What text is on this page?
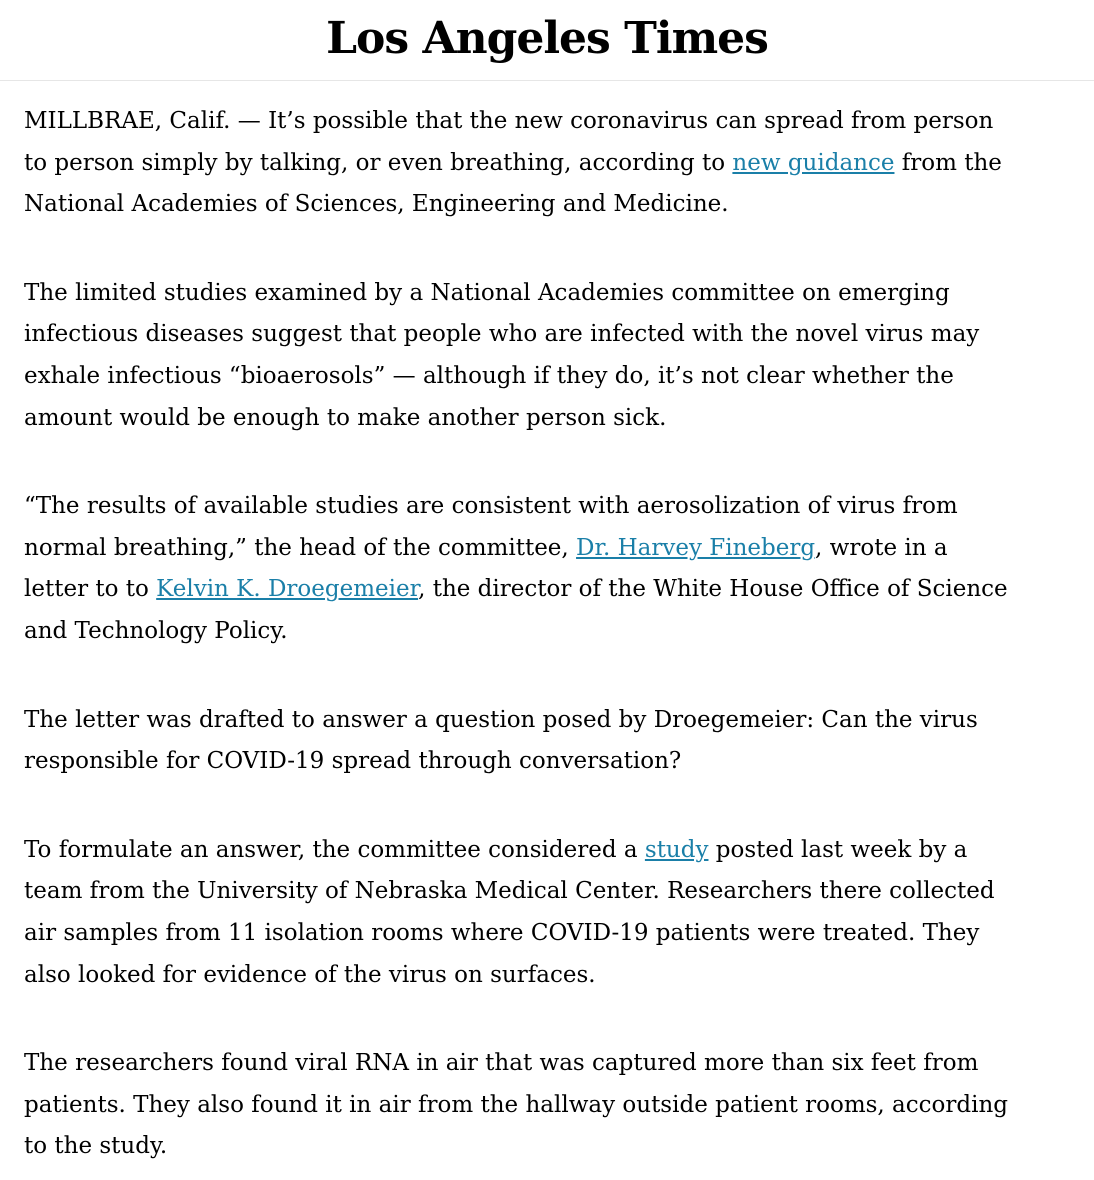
Los Angeles Times

MILLBRAE, Calif. — It’s possible that the new coronavirus can spread from person
to person simply by talking, or even breathing, according to new guidance from the
National Academies of Sciences, Engineering and Medicine.

The limited studies examined by a National Academies committee on emerging
infectious diseases suggest that people who are infected with the novel virus may
exhale infectious “bioaerosols” — although if they do, it’s not clear whether the
amount would be enough to make another person sick.

“The results of available studies are consistent with aerosolization of virus from
normal breathing,” the head of the committee, Dr. Harvey Fineberg, wrote in a
letter to to Kelvin K. Droegemeier, the director of the White House Office of Science
and Technology Policy.

The letter was drafted to answer a question posed by Droegemeier: Can the virus
responsible for COVID-19 spread through conversation?

To formulate an answer, the committee considered a study posted last week by a
team from the University of Nebraska Medical Center. Researchers there collected
air samples from 11 isolation rooms where COVID-19 patients were treated. They
also looked for evidence of the virus on surfaces.

The researchers found viral RNA in air that was captured more than six feet from
patients. They also found it in air from the hallway outside patient rooms, according
to the study.
